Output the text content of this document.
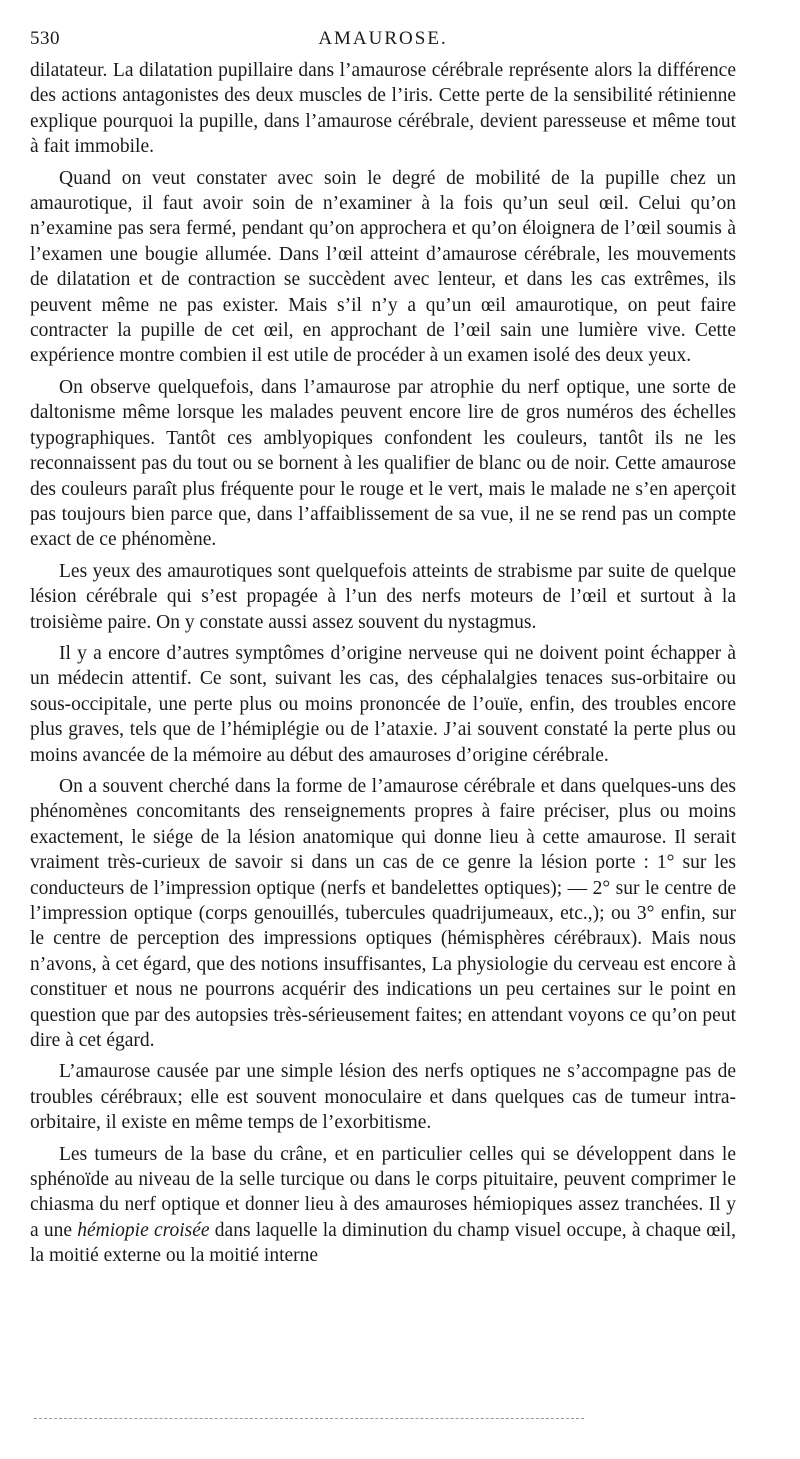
530	AMAUROSE.

dilatateur. La dilatation pupillaire dans l’amaurose cérébrale représente alors la différence des actions antagonistes des deux muscles de l’iris. Cette perte de la sensibilité rétinienne explique pourquoi la pupille, dans l’amaurose cérébrale, devient paresseuse et même tout à fait immobile.

Quand on veut constater avec soin le degré de mobilité de la pupille chez un amaurotique, il faut avoir soin de n’examiner à la fois qu’un seul œil. Celui qu’on n’examine pas sera fermé, pendant qu’on approchera et qu’on éloignera de l’œil soumis à l’examen une bougie allumée. Dans l’œil atteint d’amaurose cérébrale, les mouvements de dilatation et de contraction se succèdent avec lenteur, et dans les cas extrêmes, ils peuvent même ne pas exister. Mais s’il n’y a qu’un œil amaurotique, on peut faire contracter la pupille de cet œil, en approchant de l’œil sain une lumière vive. Cette expérience montre combien il est utile de procéder à un examen isolé des deux yeux.

On observe quelquefois, dans l’amaurose par atrophie du nerf optique, une sorte de daltonisme même lorsque les malades peuvent encore lire de gros numéros des échelles typographiques. Tantôt ces amblyopiques confondent les couleurs, tantôt ils ne les reconnaissent pas du tout ou se bornent à les qualifier de blanc ou de noir. Cette amaurose des couleurs paraît plus fréquente pour le rouge et le vert, mais le malade ne s’en aperçoit pas toujours bien parce que, dans l’affaiblissement de sa vue, il ne se rend pas un compte exact de ce phénomène.

Les yeux des amaurotiques sont quelquefois atteints de strabisme par suite de quelque lésion cérébrale qui s’est propagée à l’un des nerfs moteurs de l’œil et surtout à la troisième paire. On y constate aussi assez souvent du nystagmus.

Il y a encore d’autres symptômes d’origine nerveuse qui ne doivent point échapper à un médecin attentif. Ce sont, suivant les cas, des céphalalgies tenaces sus-orbitaire ou sous-occipitale, une perte plus ou moins prononcée de l’ouïe, enfin, des troubles encore plus graves, tels que de l’hémiplégie ou de l’ataxie. J’ai souvent constaté la perte plus ou moins avancée de la mémoire au début des amauroses d’origine cérébrale.

On a souvent cherché dans la forme de l’amaurose cérébrale et dans quelques-uns des phénomènes concomitants des renseignements propres à faire préciser, plus ou moins exactement, le siége de la lésion anatomique qui donne lieu à cette amaurose. Il serait vraiment très-curieux de savoir si dans un cas de ce genre la lésion porte : 1° sur les conducteurs de l’impression optique (nerfs et bandelettes optiques); — 2° sur le centre de l’impression optique (corps genouillés, tubercules quadrijumeaux, etc.,); ou 3° enfin, sur le centre de perception des impressions optiques (hémisphères cérébraux). Mais nous n’avons, à cet égard, que des notions insuffisantes, La physiologie du cerveau est encore à constituer et nous ne pourrons acquérir des indications un peu certaines sur le point en question que par des autopsies très-sérieusement faites; en attendant voyons ce qu’on peut dire à cet égard.

L’amaurose causée par une simple lésion des nerfs optiques ne s’accompagne pas de troubles cérébraux; elle est souvent monoculaire et dans quelques cas de tumeur intra-orbitaire, il existe en même temps de l’exorbitisme.

Les tumeurs de la base du crâne, et en particulier celles qui se développent dans le sphénoïde au niveau de la selle turcique ou dans le corps pituitaire, peuvent comprimer le chiasma du nerf optique et donner lieu à des amauroses hémiopiques assez tranchées. Il y a une hémiopie croisée dans laquelle la diminution du champ visuel occupe, à chaque œil, la moitié externe ou la moitié interne
